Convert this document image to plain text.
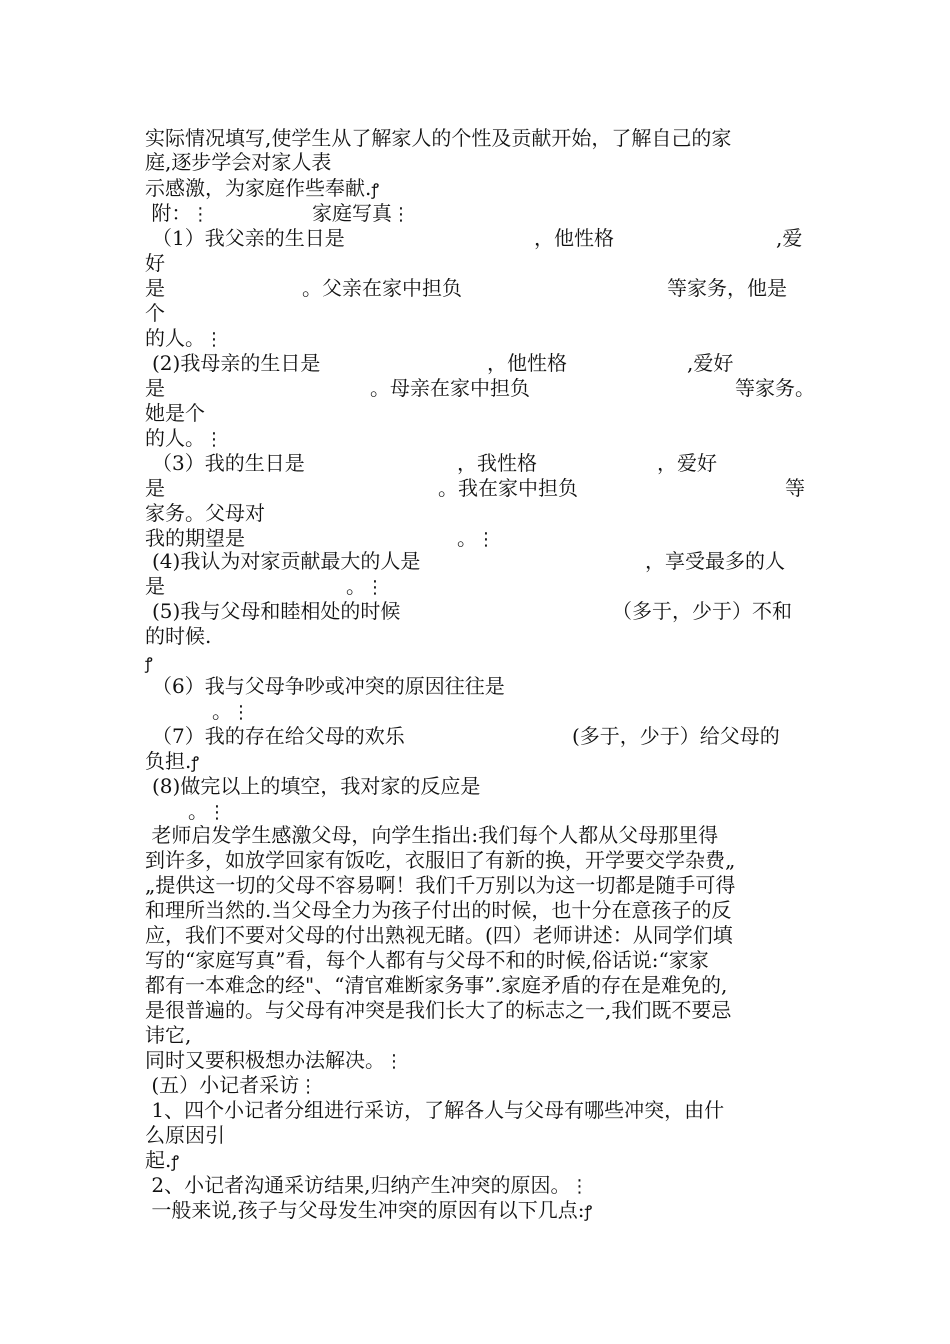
实际情况填写,使学生从了解家人的个性及贡献开始，了解自己的家
庭,逐步学会对家人表
示感激，为家庭作些奉献.ꝭ
附：⋮	家庭写真⋮
（1）我父亲的生日是	，他性格	,爱
好
是	。父亲在家中担负	等家务，他是
个
的人。⋮
(2)我母亲的生日是	，他性格	,爱好
是	。母亲在家中担负	等家务。
她是个
的人。⋮
（3）我的生日是	，我性格	，爱好
是	。我在家中担负	等
家务。父母对
我的期望是	。⋮
(4)我认为对家贡献最大的人是	，享受最多的人
是	。⋮
(5)我与父母和睦相处的时候	（多于，少于）不和
的时候.
ꝭ
（6）我与父母争吵或冲突的原因往往是
。⋮
（7）我的存在给父母的欢乐	(多于，少于）给父母的
负担.ꝭ
(8)做完以上的填空，我对家的反应是
。⋮
老师启发学生感激父母，向学生指出:我们每个人都从父母那里得
到许多，如放学回家有饭吃，衣服旧了有新的换，开学要交学杂费„
„提供这一切的父母不容易啊！我们千万别以为这一切都是随手可得
和理所当然的.当父母全力为孩子付出的时候，也十分在意孩子的反
应，我们不要对父母的付出熟视无睹。(四）老师讲述：从同学们填
写的“家庭写真”看，每个人都有与父母不和的时候,俗话说:“家家
都有一本难念的经"、“清官难断家务事”.家庭矛盾的存在是难免的,
是很普遍的。与父母有冲突是我们长大了的标志之一,我们既不要忌
讳它,
同时又要积极想办法解决。⋮
(五）小记者采访⋮
1、四个小记者分组进行采访，了解各人与父母有哪些冲突，由什
么原因引
起.ꝭ
2、小记者沟通采访结果,归纳产生冲突的原因。⋮
一般来说,孩子与父母发生冲突的原因有以下几点:ꝭ
